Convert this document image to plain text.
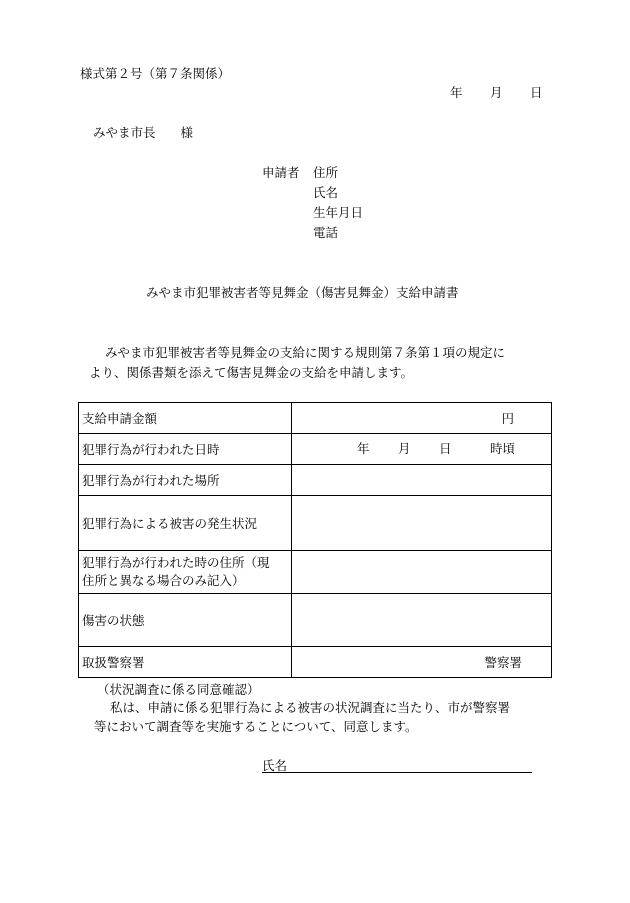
様式第２号（第７条関係）
年 月 日
みやま市長　　様
申請者 住所
氏名
生年月日
電話
みやま市犯罪被害者等見舞金（傷害見舞金）支給申請書
みやま市犯罪被害者等見舞金の支給に関する規則第７条第１項の規定に
より、関係書類を添えて傷害見舞金の支給を申請します。
支給申請金額	円

犯罪行為が行われた日時	年 月 日 時頃

犯罪行為が行われた場所	
犯罪行為による被害の発生状況	

犯罪行為が行われた時の住所（現
住所と異なる場合のみ記入）	

傷害の状態	
取扱警察署	警察署
（状況調査に係る同意確認）
私は、申請に係る犯罪行為による被害の状況調査に当たり、市が警察署
等において調査等を実施することについて、同意します。
氏名
